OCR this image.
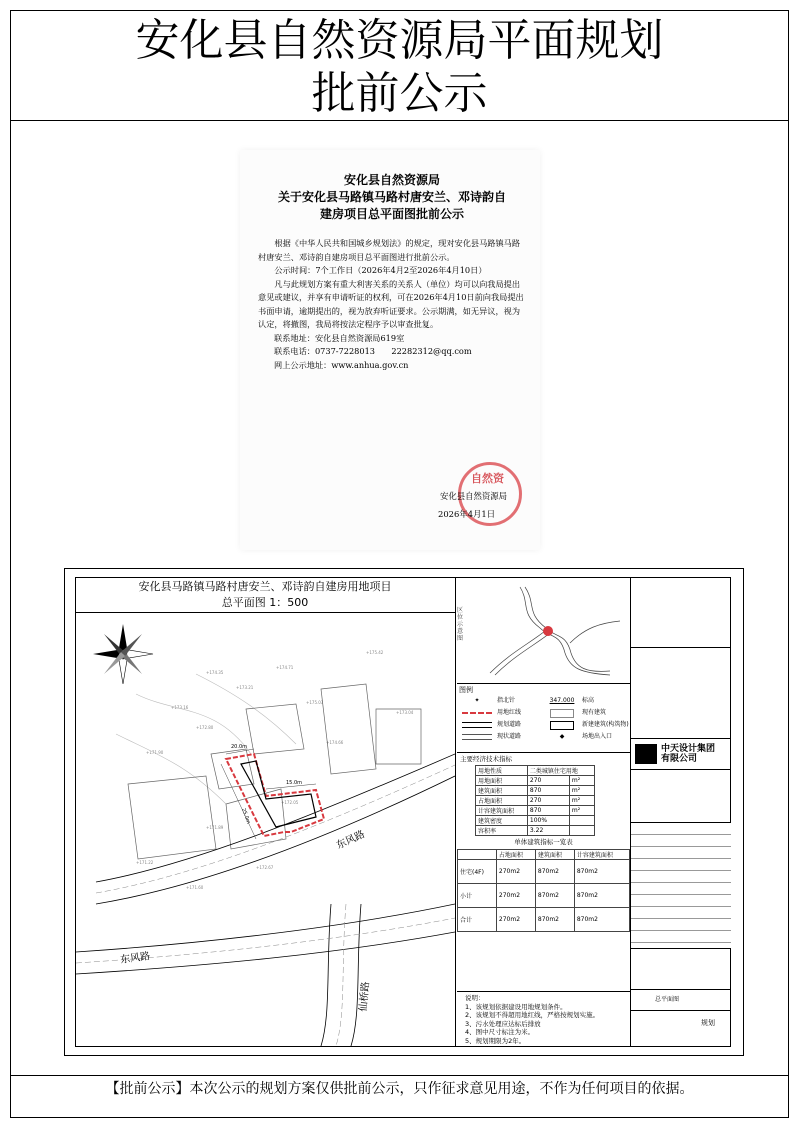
安化县自然资源局平面规划
批前公示
安化县自然资源局
关于安化县马路镇马路村唐安兰、邓诗韵自
建房项目总平面图批前公示

根据《中华人民共和国城乡规划法》的规定，现对安化县马路镇马路村唐安兰、邓诗韵自建房项目总平面图进行批前公示。

公示时间：7个工作日（2026年4月2至2026年4月10日）

凡与此规划方案有重大利害关系的关系人（单位）均可以向我局提出意见或建议，并享有申请听证的权利，可在2026年4月10日前向我局提出书面申请，逾期提出的，视为放弃听证要求。公示期满，如无异议，视为认定，将撤图，我局将按法定程序予以审查批复。

联系地址：安化县自然资源局619室

联系电话：0737-7228013　　22282312@qq.com

网上公示地址：www.anhua.gov.cn

自然资
安化县自然资源局
2026年4月1日
安化县马路镇马路村唐安兰、邓诗韵自建房用地项目
总平面图 1：500
+174.35
+173.21
+173.16
+172.80
+171.90
+174.71
+175.03
+174.66
+172.05
+171.89
+172.67
+171.60
+171.22
+175.42
+173.04
20.0m
15.0m
25.0m
东风路
东风路
仙桥路
区位示意图
图例
✦	指北针	347.000	标高
用地红线	现有建筑
规划道路	新建建筑(构筑物)
现状道路	◆	场地出入口
主要经济技术指标
用地性质	二类城镇住宅用地	
用地面积	270	m²
建筑面积	870	m²
占地面积	270	m²
计容建筑面积	870	m²
建筑密度	100%	
容积率	3.22	
单体建筑指标一览表
	占地面积	建筑面积	计容建筑面积
住宅(4F)	270m2	870m2	870m2
小计	270m2	870m2	870m2
合计	270m2	870m2	870m2
说明：
1、该规划依据建设用地规划条件。
2、该规划不得超用地红线，严格按规划实施。
3、污水处理应达标后排放
4、图中尺寸标注为米。
5、规划期限为2年。
中天设计集团
有限公司
总平面图
规划
【批前公示】本次公示的规划方案仅供批前公示，只作征求意见用途，不作为任何项目的依据。
